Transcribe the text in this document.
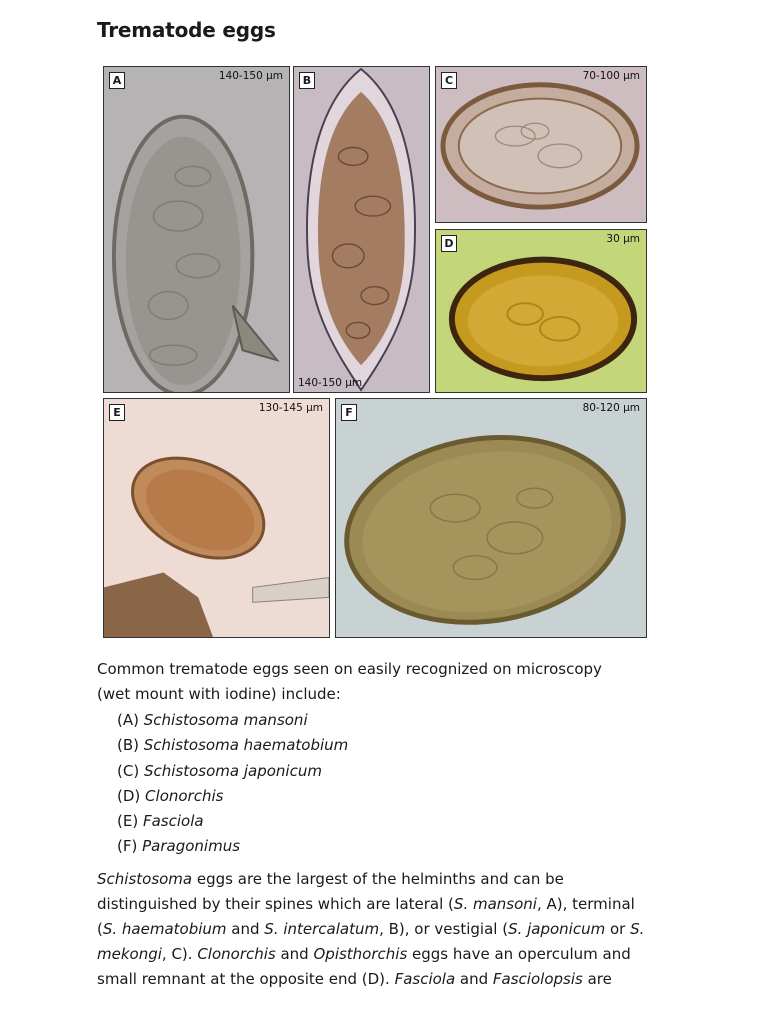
Trematode eggs
A	140-150 µm
140-150 µm
B	C	70-100 µm
D	30 µm
E	130-145 µm	F	80-120 µm
Common trematode eggs seen on easily recognized on microscopy
(wet mount with iodine) include:
(A) Schistosoma mansoni
(B) Schistosoma haematobium
(C) Schistosoma japonicum
(D) Clonorchis
(E) Fasciola
(F) Paragonimus
Schistosoma eggs are the largest of the helminths and can be
distinguished by their spines which are lateral (S. mansoni, A), terminal
(S. haematobium and S. intercalatum, B), or vestigial (S. japonicum or S.
mekongi, C). Clonorchis and Opisthorchis eggs have an operculum and
small remnant at the opposite end (D). Fasciola and Fasciolopsis are
